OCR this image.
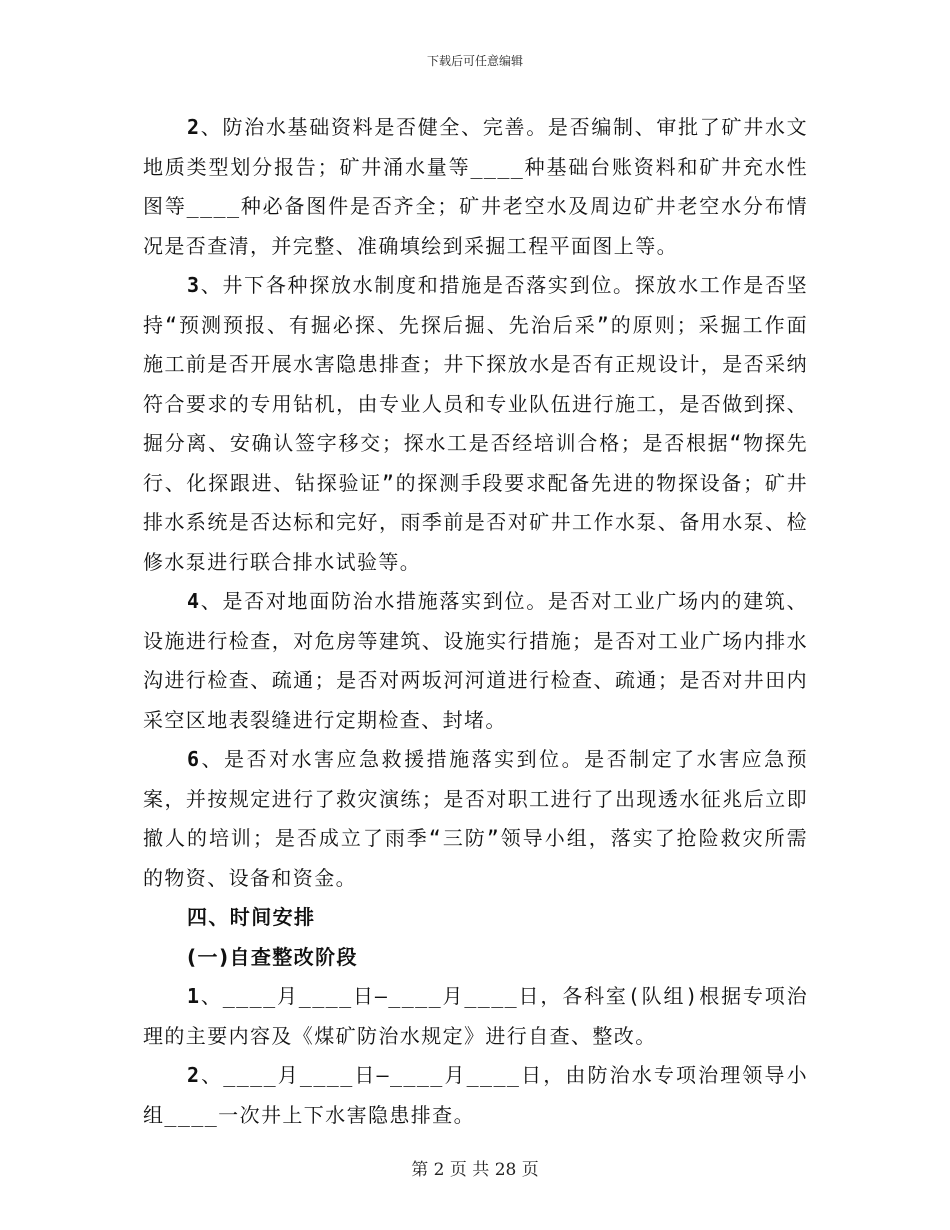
下载后可任意编辑

2、防治水基础资料是否健全、完善。是否编制、审批了矿井水文地质类型划分报告；矿井涌水量等____种基础台账资料和矿井充水性图等____种必备图件是否齐全；矿井老空水及周边矿井老空水分布情况是否查清，并完整、准确填绘到采掘工程平面图上等。

3、井下各种探放水制度和措施是否落实到位。探放水工作是否坚持“预测预报、有掘必探、先探后掘、先治后采”的原则；采掘工作面施工前是否开展水害隐患排查；井下探放水是否有正规设计，是否采纳符合要求的专用钻机，由专业人员和专业队伍进行施工，是否做到探、掘分离、安确认签字移交；探水工是否经培训合格；是否根据“物探先行、化探跟进、钻探验证”的探测手段要求配备先进的物探设备；矿井排水系统是否达标和完好，雨季前是否对矿井工作水泵、备用水泵、检修水泵进行联合排水试验等。

4、是否对地面防治水措施落实到位。是否对工业广场内的建筑、设施进行检查，对危房等建筑、设施实行措施；是否对工业广场内排水沟进行检查、疏通；是否对两坂河河道进行检查、疏通；是否对井田内采空区地表裂缝进行定期检查、封堵。

6、是否对水害应急救援措施落实到位。是否制定了水害应急预案，并按规定进行了救灾演练；是否对职工进行了出现透水征兆后立即撤人的培训；是否成立了雨季“三防”领导小组，落实了抢险救灾所需的物资、设备和资金。

四、时间安排

(一)自查整改阶段

1、____月____日—____月____日，各科室(队组)根据专项治理的主要内容及《煤矿防治水规定》进行自查、整改。

2、____月____日—____月____日，由防治水专项治理领导小组____一次井上下水害隐患排查。

第 2 页 共 28 页
